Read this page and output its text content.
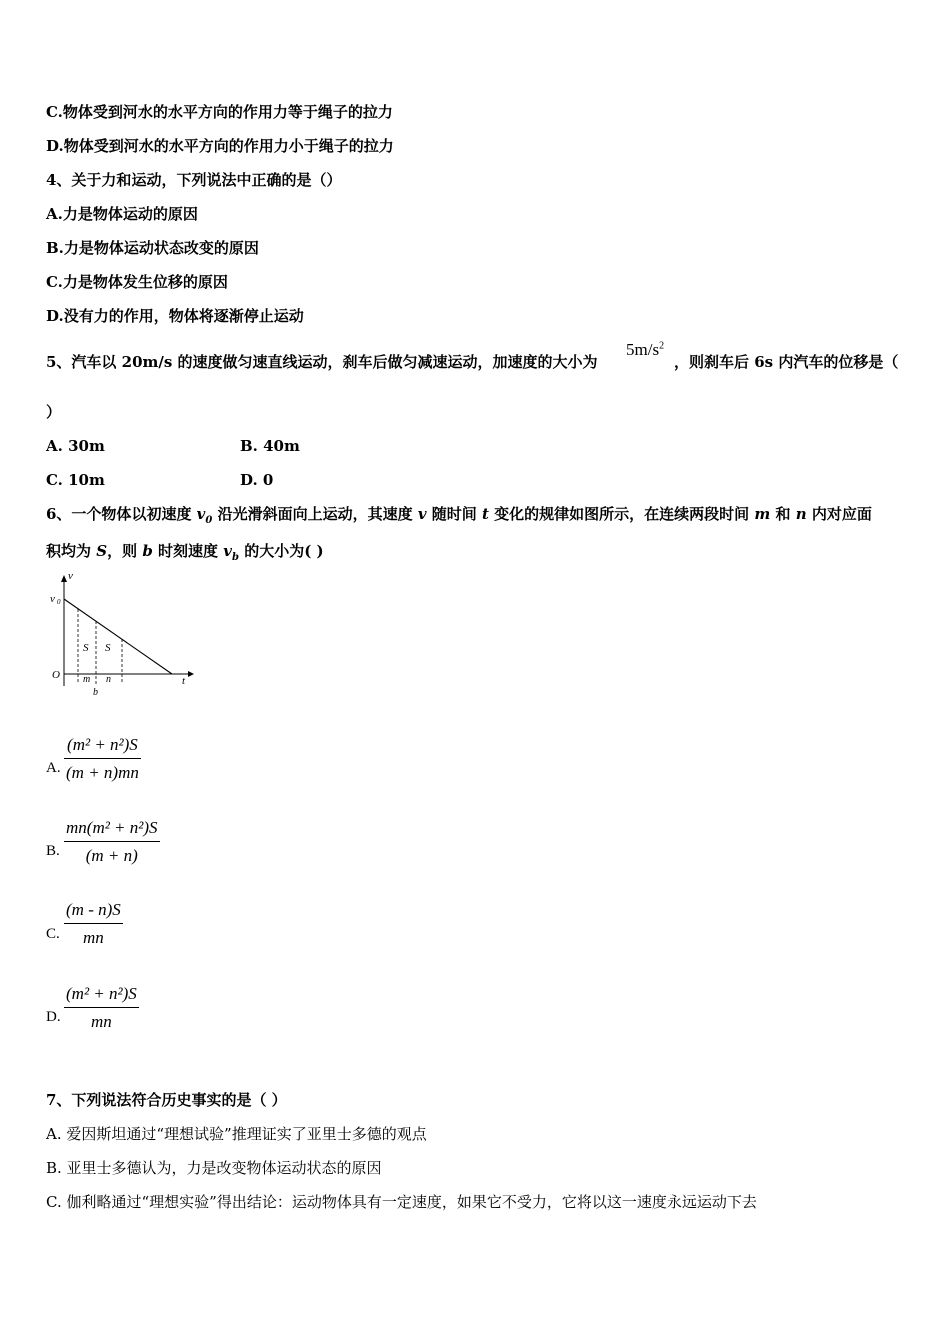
C.物体受到河水的水平方向的作用力等于绳子的拉力
D.物体受到河水的水平方向的作用力小于绳子的拉力
4、关于力和运动，下列说法中正确的是（）
A.力是物体运动的原因
B.力是物体运动状态改变的原因
C.力是物体发生位移的原因
D.没有力的作用，物体将逐渐停止运动
5、汽车以 20m/s 的速度做匀速直线运动，刹车后做匀减速运动，加速度的大小为
$5m/s^2$
，则刹车后 6s 内汽车的位移是（
）
A. 30m	B. 40m
C. 10m	D. 0
6、一个物体以初速度 $v_0$ 沿光滑斜面向上运动，其速度 v 随时间 t 变化的规律如图所示，在连续两段时间 m 和 n 内对应面
积均为 S，则 b 时刻速度 $v_b$ 的大小为( )
v
t
v 0
O
S S
m n
b
A.
(m² + n²)S
(m + n)mn
B.
mn(m² + n²)S
(m + n)
C.
(m - n)S
mn
D.
(m² + n²)S
mn
7、下列说法符合历史事实的是（ ）
A. 爱因斯坦通过“理想试验”推理证实了亚里士多德的观点
B. 亚里士多德认为，力是改变物体运动状态的原因
C. 伽利略通过“理想实验”得出结论：运动物体具有一定速度，如果它不受力，它将以这一速度永远运动下去
